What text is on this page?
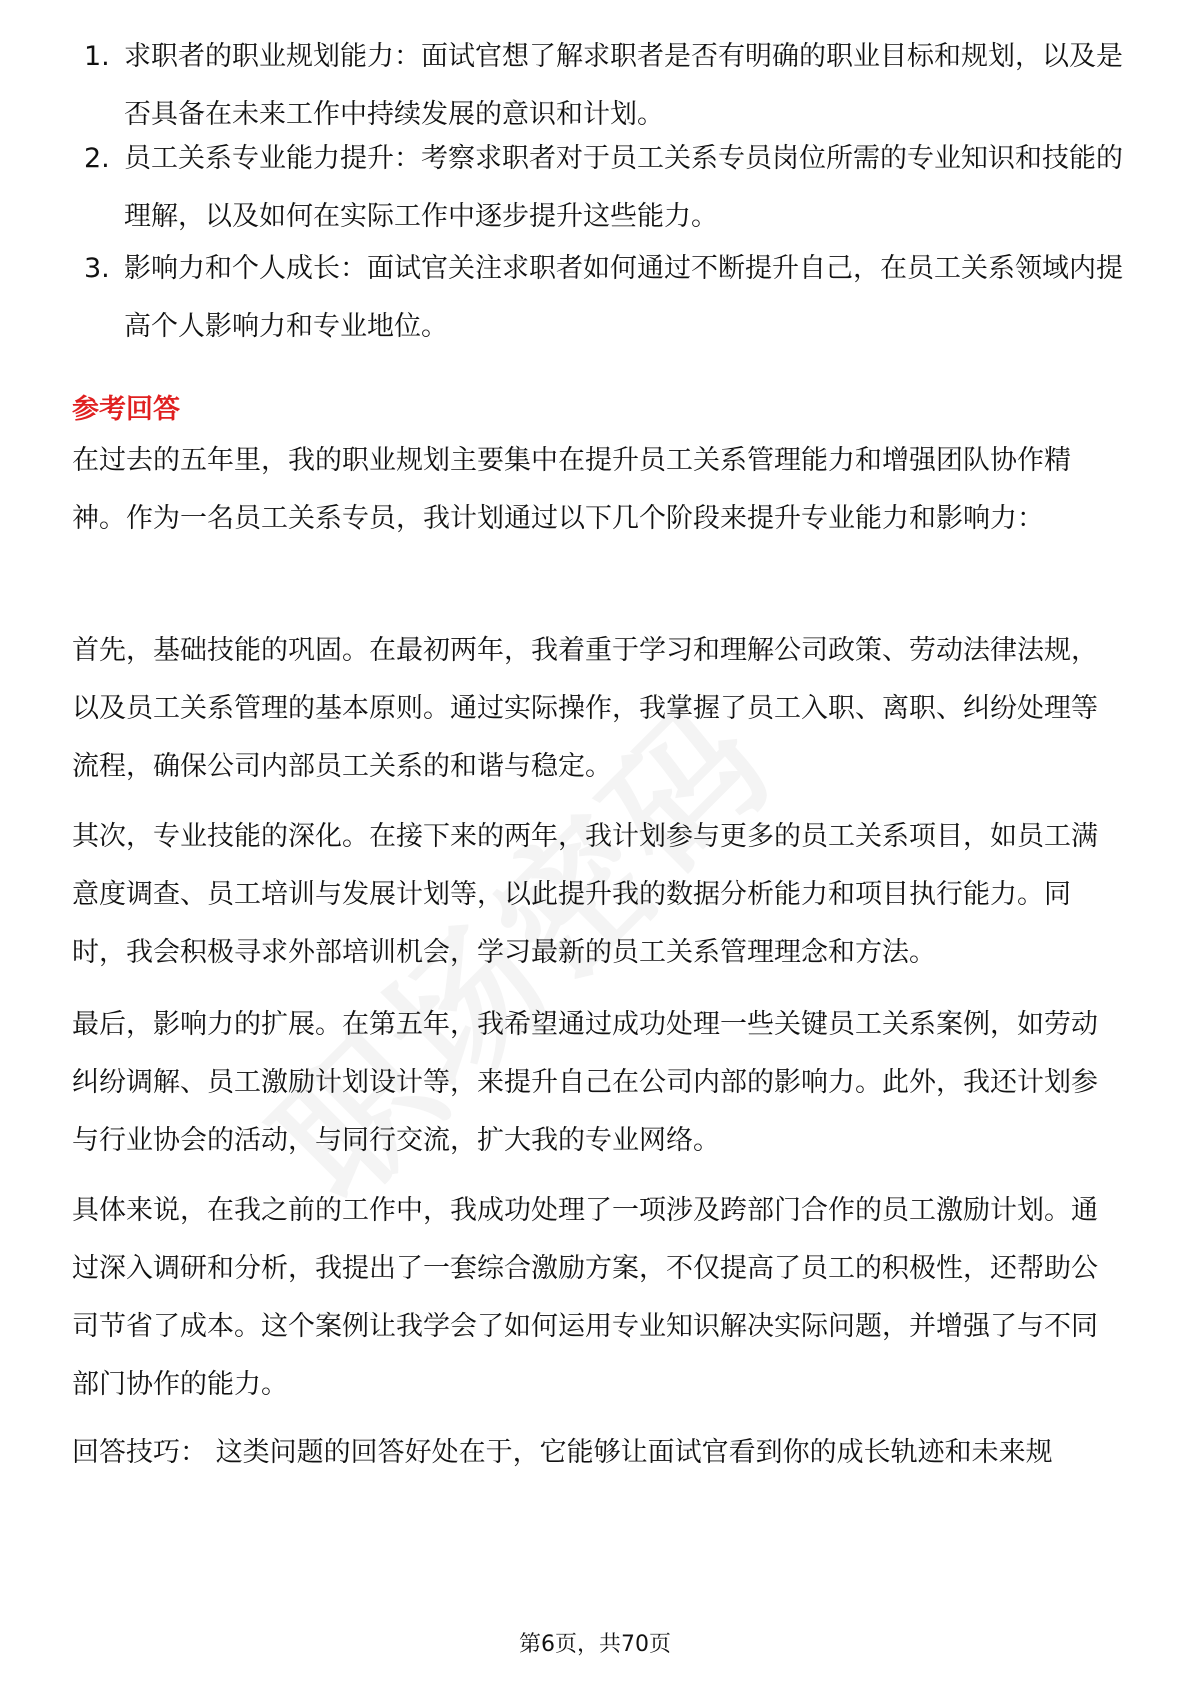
1. 求职者的职业规划能力：面试官想了解求职者是否有明确的职业目标和规划，以及是否具备在未来工作中持续发展的意识和计划。
2. 员工关系专业能力提升：考察求职者对于员工关系专员岗位所需的专业知识和技能的理解，以及如何在实际工作中逐步提升这些能力。
3. 影响力和个人成长：面试官关注求职者如何通过不断提升自己，在员工关系领域内提高个人影响力和专业地位。
参考回答

在过去的五年里，我的职业规划主要集中在提升员工关系管理能力和增强团队协作精神。作为一名员工关系专员，我计划通过以下几个阶段来提升专业能力和影响力：

首先，基础技能的巩固。在最初两年，我着重于学习和理解公司政策、劳动法律法规，以及员工关系管理的基本原则。通过实际操作，我掌握了员工入职、离职、纠纷处理等流程，确保公司内部员工关系的和谐与稳定。

其次，专业技能的深化。在接下来的两年，我计划参与更多的员工关系项目，如员工满意度调查、员工培训与发展计划等，以此提升我的数据分析能力和项目执行能力。同时，我会积极寻求外部培训机会，学习最新的员工关系管理理念和方法。

最后，影响力的扩展。在第五年，我希望通过成功处理一些关键员工关系案例，如劳动纠纷调解、员工激励计划设计等，来提升自己在公司内部的影响力。此外，我还计划参与行业协会的活动，与同行交流，扩大我的专业网络。

具体来说，在我之前的工作中，我成功处理了一项涉及跨部门合作的员工激励计划。通过深入调研和分析，我提出了一套综合激励方案，不仅提高了员工的积极性，还帮助公司节省了成本。这个案例让我学会了如何运用专业知识解决实际问题，并增强了与不同部门协作的能力。

回答技巧： 这类问题的回答好处在于，它能够让面试官看到你的成长轨迹和未来规

第6页，共70页
